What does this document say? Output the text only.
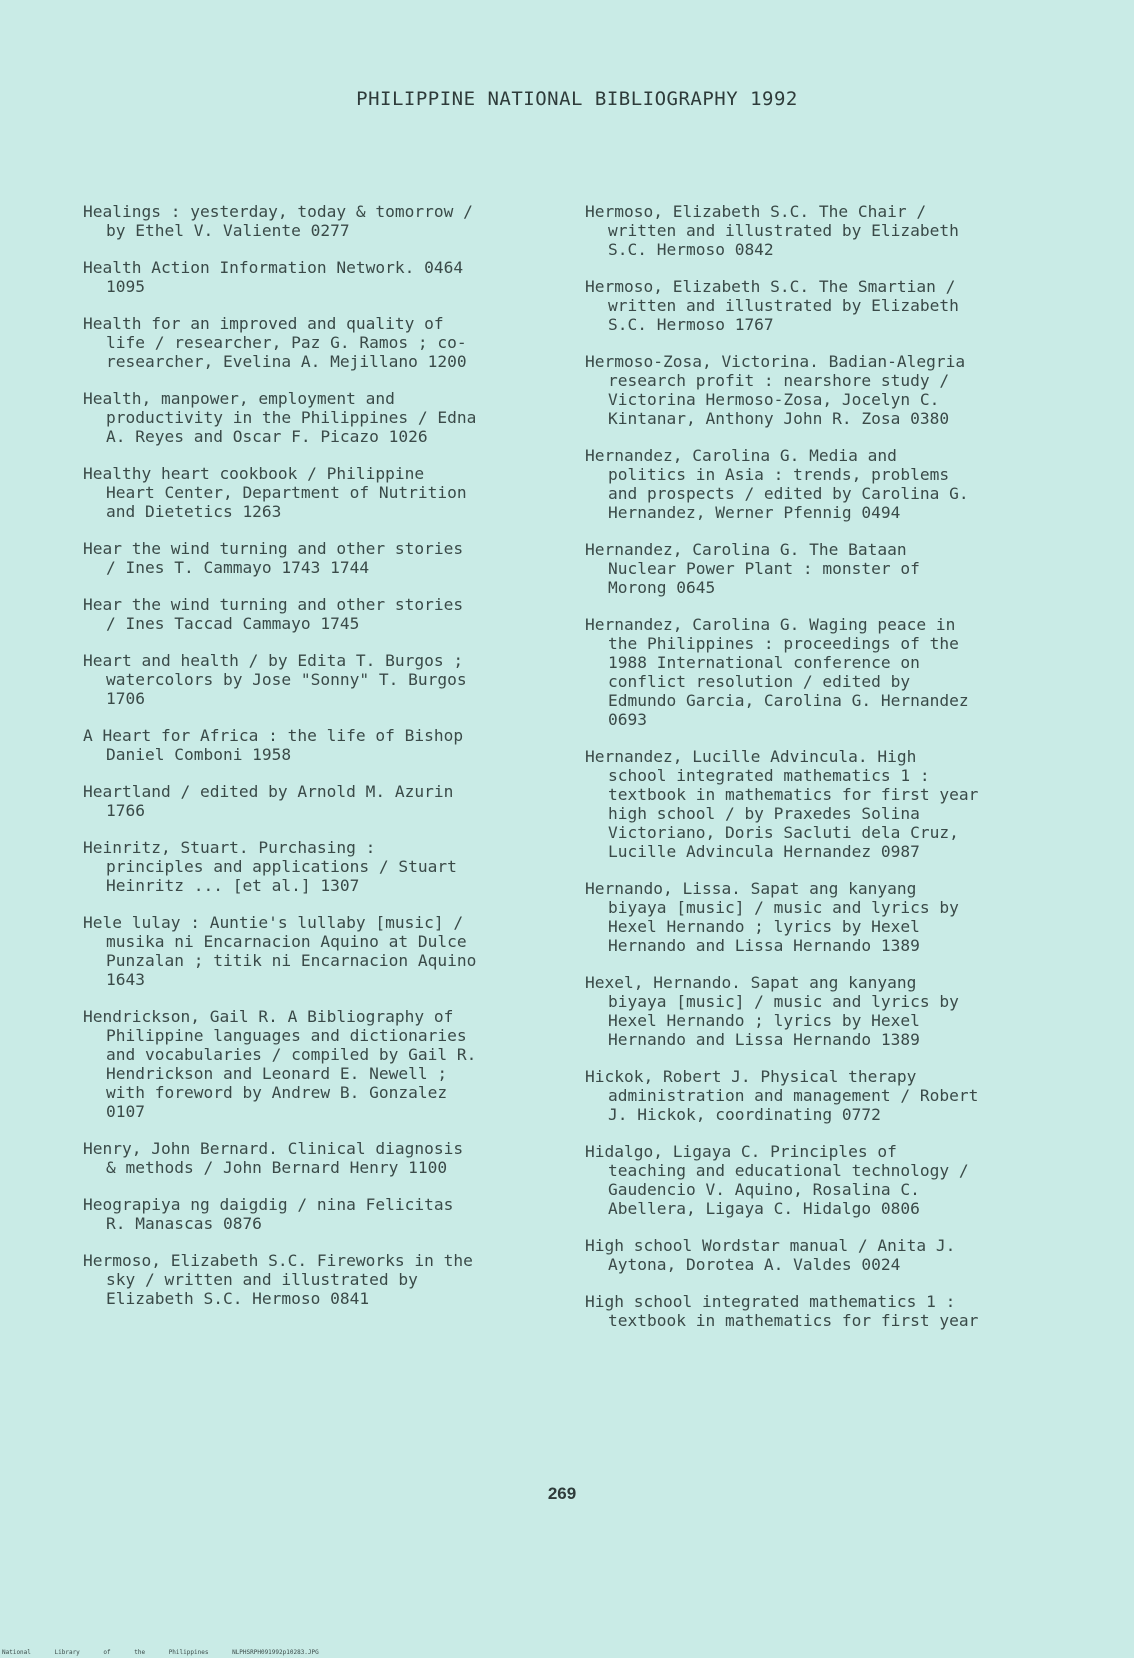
PHILIPPINE NATIONAL BIBLIOGRAPHY 1992

Healings : yesterday, today & tomorrow /
by Ethel V. Valiente 0277

Health Action Information Network. 0464
1095

Health for an improved and quality of
life / researcher, Paz G. Ramos ; co-
researcher, Evelina A. Mejillano 1200

Health, manpower, employment and
productivity in the Philippines / Edna
A. Reyes and Oscar F. Picazo 1026

Healthy heart cookbook / Philippine
Heart Center, Department of Nutrition
and Dietetics 1263

Hear the wind turning and other stories
/ Ines T. Cammayo 1743 1744

Hear the wind turning and other stories
/ Ines Taccad Cammayo 1745

Heart and health / by Edita T. Burgos ;
watercolors by Jose "Sonny" T. Burgos
1706

A Heart for Africa : the life of Bishop
Daniel Comboni 1958

Heartland / edited by Arnold M. Azurin
1766

Heinritz, Stuart. Purchasing :
principles and applications / Stuart
Heinritz ... [et al.] 1307

Hele lulay : Auntie's lullaby [music] /
musika ni Encarnacion Aquino at Dulce
Punzalan ; titik ni Encarnacion Aquino
1643

Hendrickson, Gail R. A Bibliography of
Philippine languages and dictionaries
and vocabularies / compiled by Gail R.
Hendrickson and Leonard E. Newell ;
with foreword by Andrew B. Gonzalez
0107

Henry, John Bernard. Clinical diagnosis
& methods / John Bernard Henry 1100

Heograpiya ng daigdig / nina Felicitas
R. Manascas 0876

Hermoso, Elizabeth S.C. Fireworks in the
sky / written and illustrated by
Elizabeth S.C. Hermoso 0841

Hermoso, Elizabeth S.C. The Chair /
written and illustrated by Elizabeth
S.C. Hermoso 0842

Hermoso, Elizabeth S.C. The Smartian /
written and illustrated by Elizabeth
S.C. Hermoso 1767

Hermoso-Zosa, Victorina. Badian-Alegria
research profit : nearshore study /
Victorina Hermoso-Zosa, Jocelyn C.
Kintanar, Anthony John R. Zosa 0380

Hernandez, Carolina G. Media and
politics in Asia : trends, problems
and prospects / edited by Carolina G.
Hernandez, Werner Pfennig 0494

Hernandez, Carolina G. The Bataan
Nuclear Power Plant : monster of
Morong 0645

Hernandez, Carolina G. Waging peace in
the Philippines : proceedings of the
1988 International conference on
conflict resolution / edited by
Edmundo Garcia, Carolina G. Hernandez
0693

Hernandez, Lucille Advincula. High
school integrated mathematics 1 :
textbook in mathematics for first year
high school / by Praxedes Solina
Victoriano, Doris Sacluti dela Cruz,
Lucille Advincula Hernandez 0987

Hernando, Lissa. Sapat ang kanyang
biyaya [music] / music and lyrics by
Hexel Hernando ; lyrics by Hexel
Hernando and Lissa Hernando 1389

Hexel, Hernando. Sapat ang kanyang
biyaya [music] / music and lyrics by
Hexel Hernando ; lyrics by Hexel
Hernando and Lissa Hernando 1389

Hickok, Robert J. Physical therapy
administration and management / Robert
J. Hickok, coordinating 0772

Hidalgo, Ligaya C. Principles of
teaching and educational technology /
Gaudencio V. Aquino, Rosalina C.
Abellera, Ligaya C. Hidalgo 0806

High school Wordstar manual / Anita J.
Aytona, Dorotea A. Valdes 0024

High school integrated mathematics 1 :
textbook in mathematics for first year

269
National Library of the Philippines	NLPHSRPH091992p10283.JPG
